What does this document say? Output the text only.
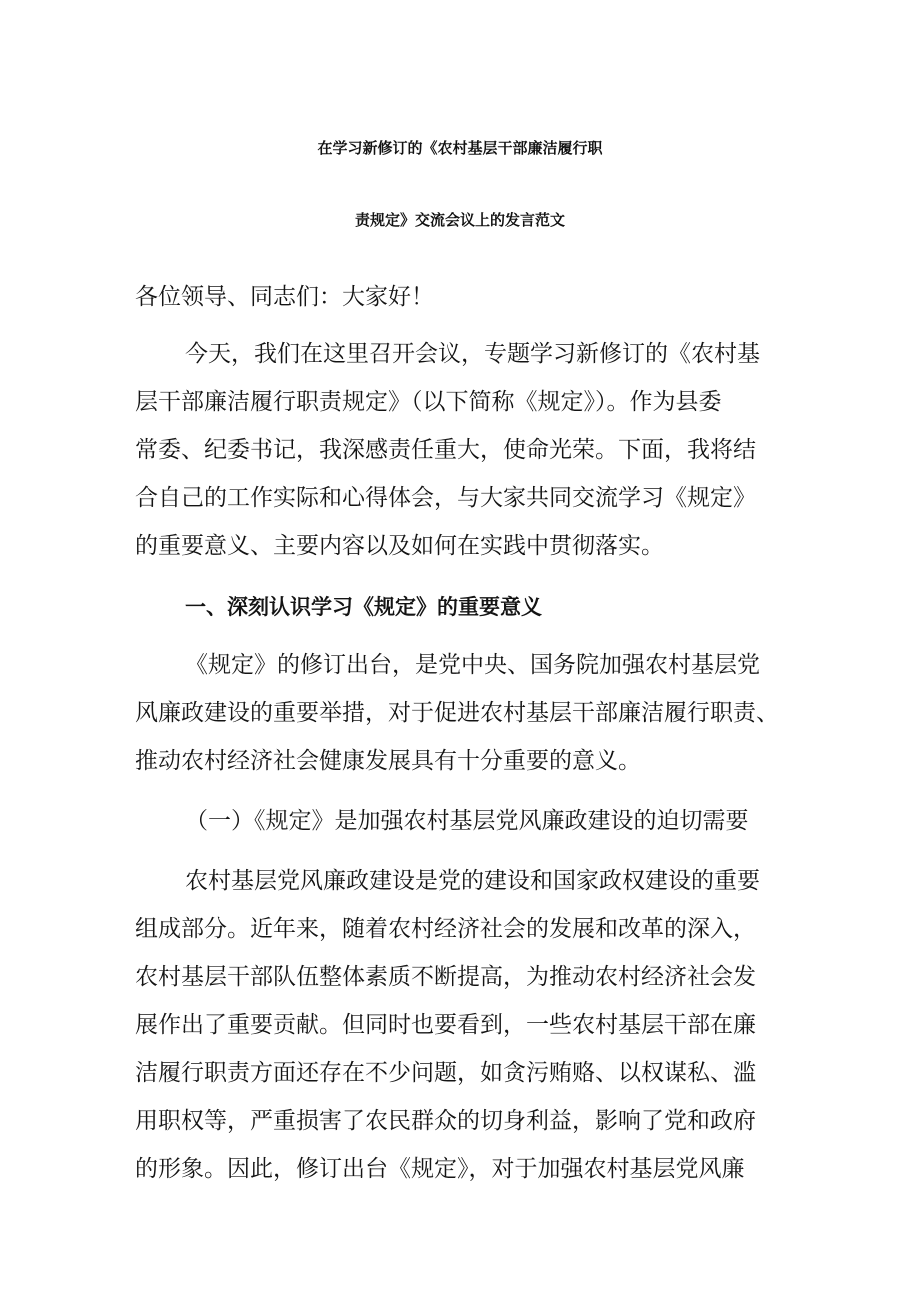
在学习新修订的《农村基层干部廉洁履行职
责规定》交流会议上的发言范文
各位领导、同志们：大家好！
今天，我们在这里召开会议，专题学习新修订的《农村基
层干部廉洁履行职责规定》（以下简称《规定》）。作为县委
常委、纪委书记，我深感责任重大，使命光荣。下面，我将结
合自己的工作实际和心得体会，与大家共同交流学习《规定》
的重要意义、主要内容以及如何在实践中贯彻落实。
一、深刻认识学习《规定》的重要意义
《规定》的修订出台，是党中央、国务院加强农村基层党
风廉政建设的重要举措，对于促进农村基层干部廉洁履行职责、
推动农村经济社会健康发展具有十分重要的意义。
（一）《规定》是加强农村基层党风廉政建设的迫切需要
农村基层党风廉政建设是党的建设和国家政权建设的重要
组成部分。近年来，随着农村经济社会的发展和改革的深入，
农村基层干部队伍整体素质不断提高，为推动农村经济社会发
展作出了重要贡献。但同时也要看到，一些农村基层干部在廉
洁履行职责方面还存在不少问题，如贪污贿赂、以权谋私、滥
用职权等，严重损害了农民群众的切身利益，影响了党和政府
的形象。因此，修订出台《规定》，对于加强农村基层党风廉
